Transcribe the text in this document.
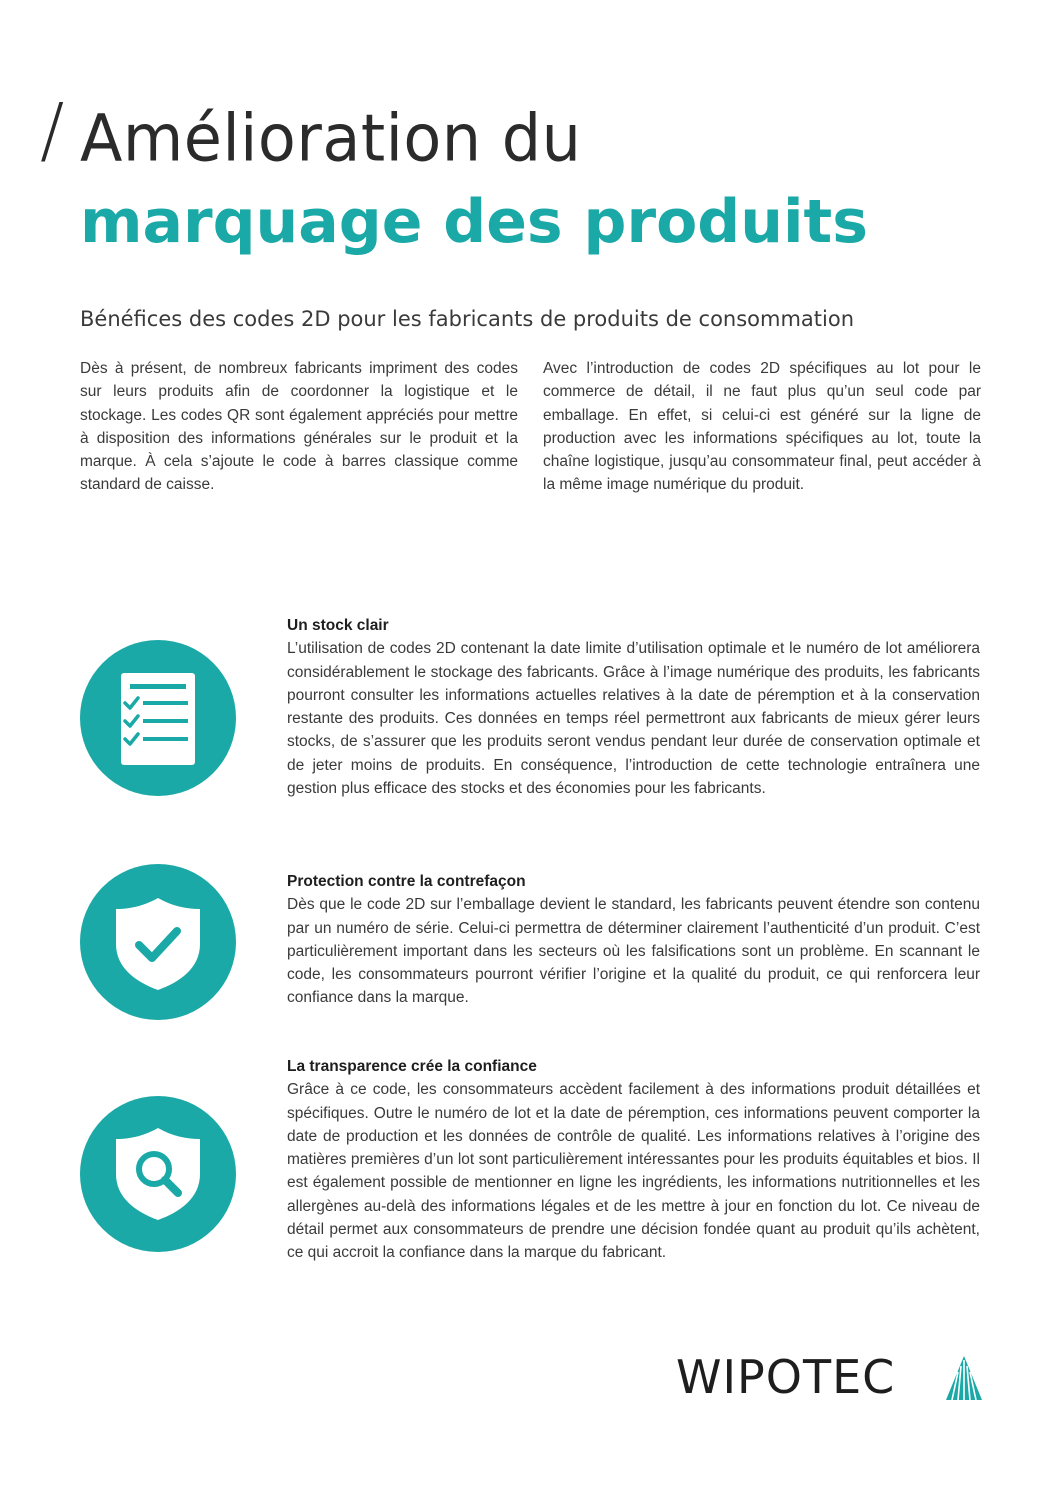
/ Amélioration du
marquage des produits
Bénéfices des codes 2D pour les fabricants de produits de consommation

Dès à présent, de nombreux fabricants impriment des codes sur leurs produits afin de coordonner la logistique et le stockage. Les codes QR sont également appréciés pour mettre à disposition des informations générales sur le produit et la marque. À cela s’ajoute le code à barres classique comme standard de caisse.

Avec l’introduction de codes 2D spécifiques au lot pour le commerce de détail, il ne faut plus qu’un seul code par emballage. En effet, si celui-ci est généré sur la ligne de production avec les informations spécifiques au lot, toute la chaîne logistique, jusqu’au consommateur final, peut accéder à la même image numérique du produit.

Un stock clair

L’utilisation de codes 2D contenant la date limite d’utilisation optimale et le numéro de lot améliorera considérablement le stockage des fabricants. Grâce à l’image numérique des produits, les fabricants pourront consulter les informations actuelles relatives à la date de péremption et à la conservation restante des produits. Ces données en temps réel permettront aux fabricants de mieux gérer leurs stocks, de s’assurer que les produits seront vendus pendant leur durée de conservation optimale et de jeter moins de produits. En conséquence, l’introduction de cette technologie entraînera une gestion plus efficace des stocks et des économies pour les fabricants.

Protection contre la contrefaçon

Dès que le code 2D sur l’emballage devient le standard, les fabricants peuvent étendre son contenu par un numéro de série. Celui-ci permettra de déterminer clairement l’authenticité d’un produit. C’est particulièrement important dans les secteurs où les falsifications sont un problème. En scannant le code, les consommateurs pourront vérifier l’origine et la qualité du produit, ce qui renforcera leur confiance dans la marque.

La transparence crée la confiance

Grâce à ce code, les consommateurs accèdent facilement à des informations produit détaillées et spécifiques. Outre le numéro de lot et la date de péremption, ces informations peuvent comporter la date de production et les données de contrôle de qualité. Les informations relatives à l’origine des matières premières d’un lot sont particulièrement intéressantes pour les produits équitables et bios. Il est également possible de mentionner en ligne les ingrédients, les informations nutritionnelles et les allergènes au-delà des informations légales et de les mettre à jour en fonction du lot. Ce niveau de détail permet aux consommateurs de prendre une décision fondée quant au produit qu’ils achètent, ce qui accroit la confiance dans la marque du fabricant.

WIPOTEC
